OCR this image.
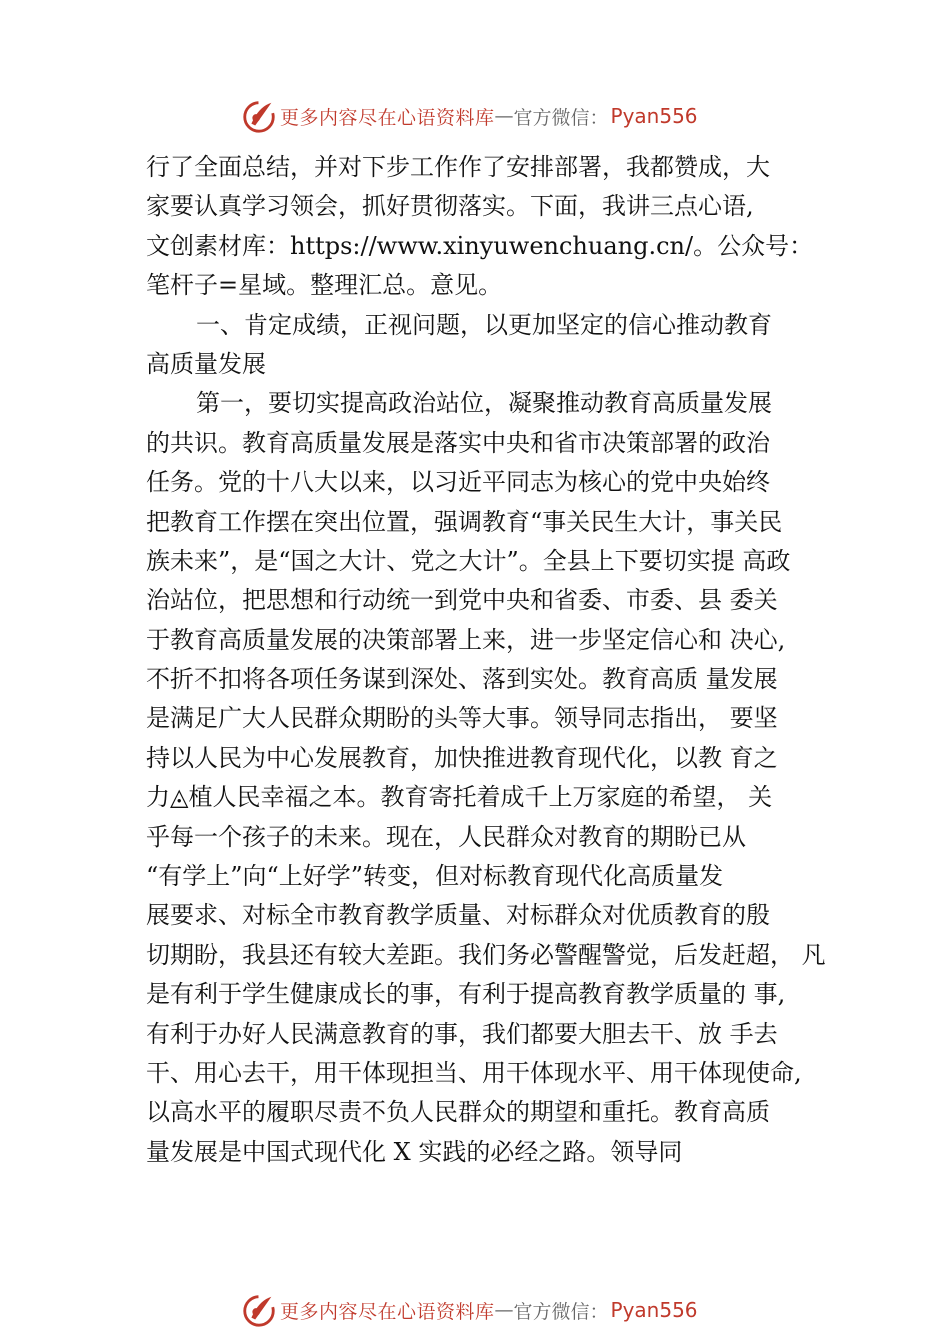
更多内容尽在心语资料库 — 官方微信： Pyan556
行了全面总结，并对下步工作作了安排部署，我都赞成，大
家要认真学习领会，抓好贯彻落实。下面，我讲三点心语,
文创素材库：https://www.xinyuwenchuang.cn/。公众号：
笔杆子=星域。整理汇总。意见。
一、肯定成绩，正视问题，以更加坚定的信心推动教育
高质量发展
第一，要切实提高政治站位，凝聚推动教育高质量发展
的共识。教育高质量发展是落实中央和省市决策部署的政治
任务。党的十八大以来，以习近平同志为核心的党中央始终
把教育工作摆在突出位置，强调教育“事关民生大计，事关民
族未来”，是“国之大计、党之大计”。全县上下要切实提 高政
治站位，把思想和行动统一到党中央和省委、市委、县 委关
于教育高质量发展的决策部署上来，进一步坚定信心和 决心,
不折不扣将各项任务谋到深处、落到实处。教育高质 量发展
是满足广大人民群众期盼的头等大事。领导同志指出， 要坚
持以人民为中心发展教育，加快推进教育现代化，以教 育之
力◬植人民幸福之本。教育寄托着成千上万家庭的希望， 关
乎每一个孩子的未来。现在，人民群众对教育的期盼已从
“有学上”向“上好学”转变，但对标教育现代化高质量发
展要求、对标全市教育教学质量、对标群众对优质教育的殷
切期盼，我县还有较大差距。我们务必警醒警觉，后发赶超， 凡
是有利于学生健康成长的事，有利于提高教育教学质量的 事,
有利于办好人民满意教育的事，我们都要大胆去干、放 手去
干、用心去干，用干体现担当、用干体现水平、用干体现使命,
以高水平的履职尽责不负人民群众的期望和重托。教育高质
量发展是中国式现代化 X 实践的必经之路。领导同
更多内容尽在心语资料库 — 官方微信： Pyan556
